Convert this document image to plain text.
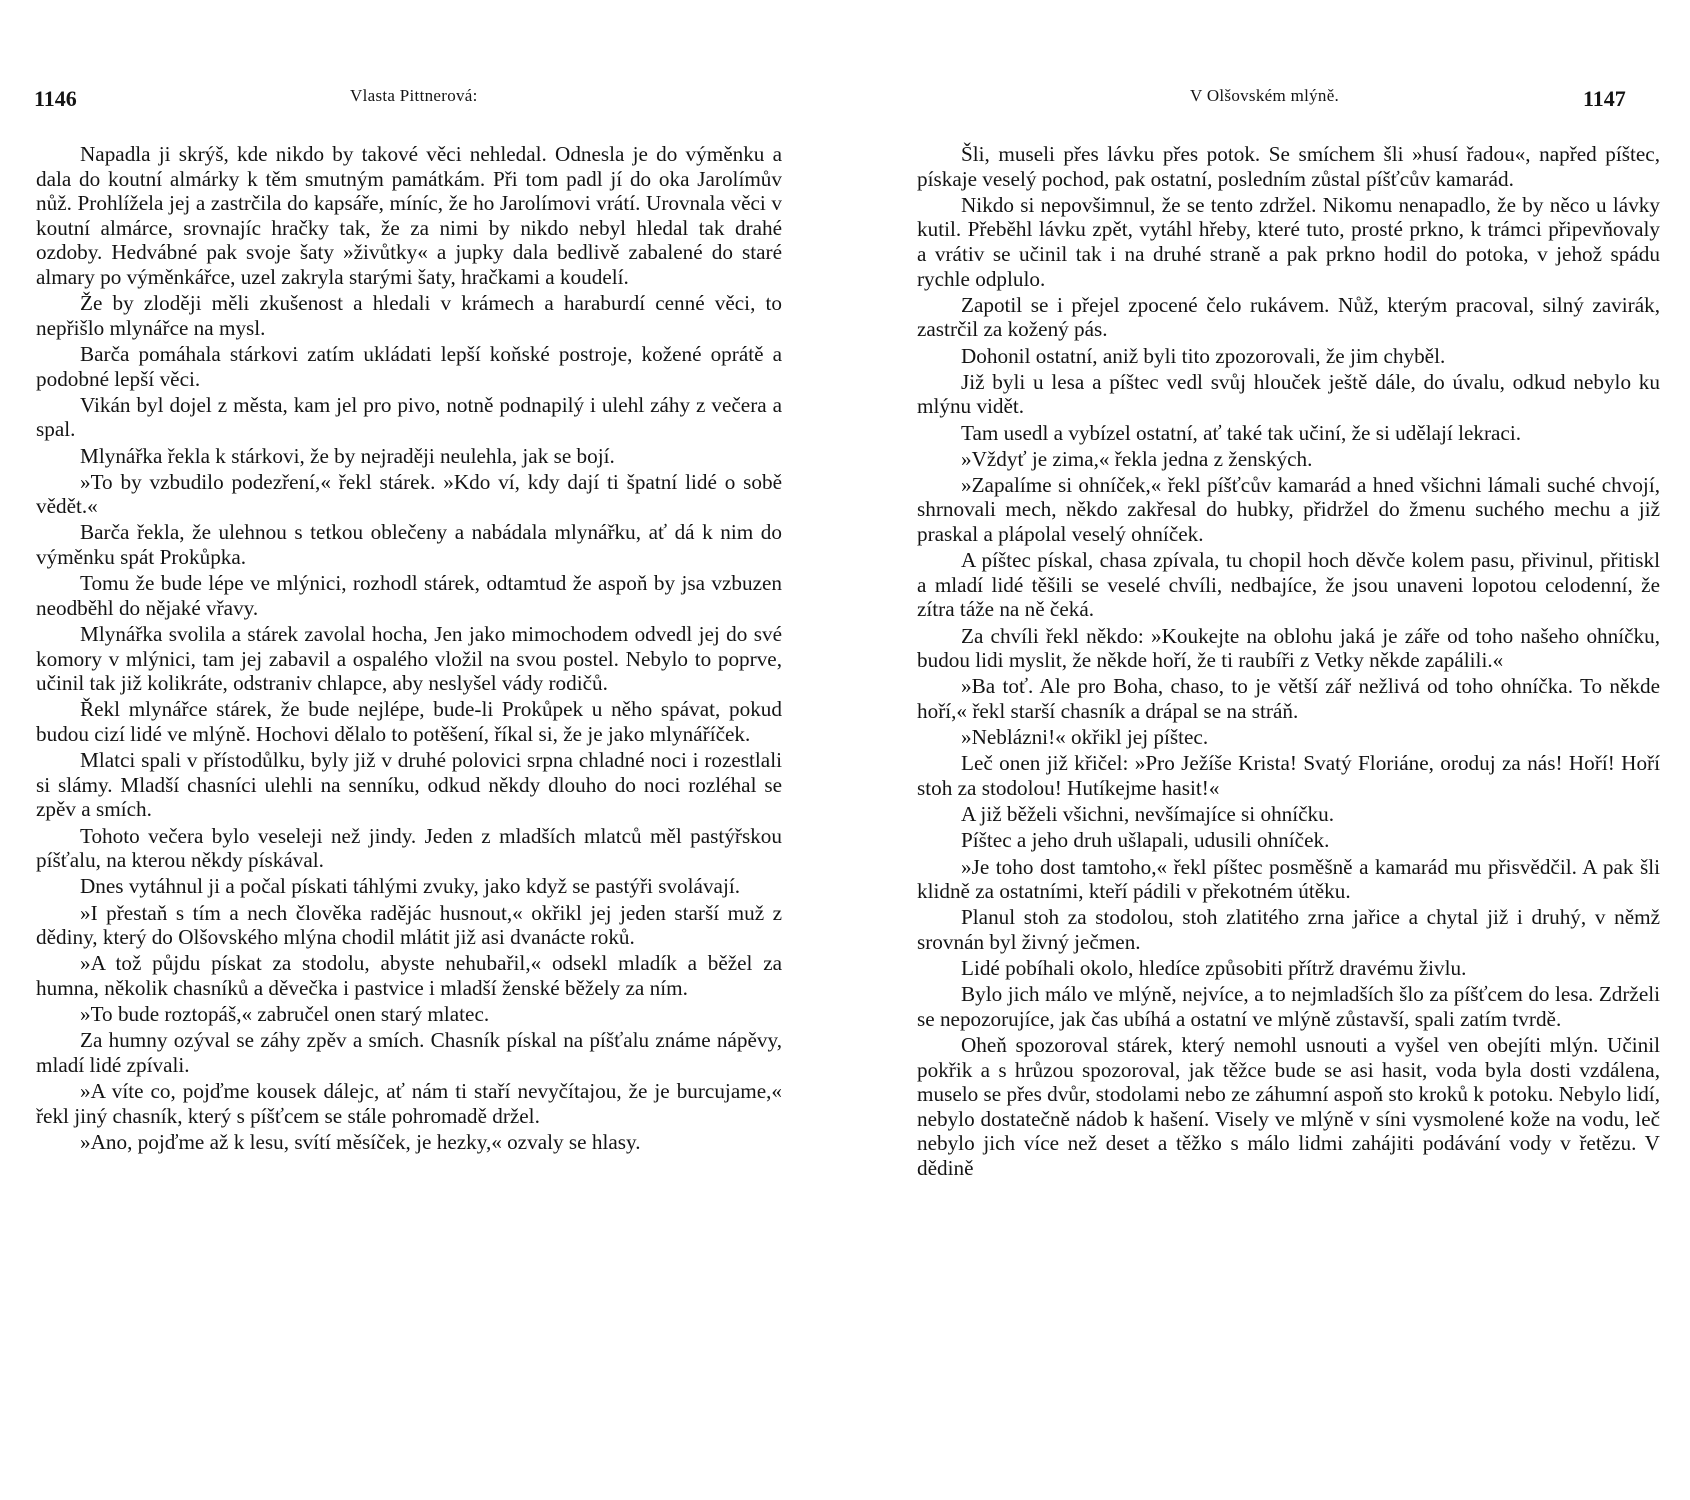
1146	Vlasta Pittnerová:

Napadla ji skrýš, kde nikdo by takové věci nehledal. Odnesla je do výměnku a dala do koutní almárky k těm smutným památkám. Při tom padl jí do oka Jarolímův nůž. Prohlížela jej a zastrčila do kapsáře, míníc, že ho Jarolímovi vrátí. Urovnala věci v koutní almárce, srovnajíc hračky tak, že za nimi by nikdo nebyl hledal tak drahé ozdoby. Hedvábné pak svoje šaty »živůtky« a jupky dala bedlivě zabalené do staré almary po výměnkářce, uzel zakryla starými šaty, hračkami a koudelí.

Že by zloději měli zkušenost a hledali v krámech a haraburdí cenné věci, to nepřišlo mlynářce na mysl.

Barča pomáhala stárkovi zatím ukládati lepší koňské postroje, kožené oprátě a podobné lepší věci.

Vikán byl dojel z města, kam jel pro pivo, notně podnapilý i ulehl záhy z večera a spal.

Mlynářka řekla k stárkovi, že by nejraději neulehla, jak se bojí.

»To by vzbudilo podezření,« řekl stárek. »Kdo ví, kdy dají ti špatní lidé o sobě vědět.«

Barča řekla, že ulehnou s tetkou oblečeny a nabádala mlynářku, ať dá k nim do výměnku spát Prokůpka.

Tomu že bude lépe ve mlýnici, rozhodl stárek, odtamtud že aspoň by jsa vzbuzen neodběhl do nějaké vřavy.

Mlynářka svolila a stárek zavolal hocha, Jen jako mimochodem odvedl jej do své komory v mlýnici, tam jej zabavil a ospalého vložil na svou postel. Nebylo to poprve, učinil tak již kolikráte, odstraniv chlapce, aby neslyšel vády rodičů.

Řekl mlynářce stárek, že bude nejlépe, bude-li Prokůpek u něho spávat, pokud budou cizí lidé ve mlýně. Hochovi dělalo to potěšení, říkal si, že je jako mlynáříček.

Mlatci spali v přístodůlku, byly již v druhé polovici srpna chladné noci i rozestlali si slámy. Mladší chasníci ulehli na senníku, odkud někdy dlouho do noci rozléhal se zpěv a smích.

Tohoto večera bylo veseleji než jindy. Jeden z mladších mlatců měl pastýřskou píšťalu, na kterou někdy pískával.

Dnes vytáhnul ji a počal pískati táhlými zvuky, jako když se pastýři svolávají.

»I přestaň s tím a nech člověka radějác husnout,« okřikl jej jeden starší muž z dědiny, který do Olšovského mlýna chodil mlátit již asi dvanácte roků.

»A tož půjdu pískat za stodolu, abyste nehubařil,« odsekl mladík a běžel za humna, několik chasníků a děvečka i pastvice i mladší ženské běžely za ním.

»To bude roztopáš,« zabručel onen starý mlatec.

Za humny ozýval se záhy zpěv a smích. Chasník pískal na píšťalu známe nápěvy, mladí lidé zpívali.

»A víte co, pojďme kousek dálejc, ať nám ti staří nevyčítajou, že je burcujame,« řekl jiný chasník, který s píšťcem se stále pohromadě držel.

»Ano, pojďme až k lesu, svítí měsíček, je hezky,« ozvaly se hlasy.

V Olšovském mlýně.	1147

Šli, museli přes lávku přes potok. Se smíchem šli »husí řadou«, napřed píštec, pískaje veselý pochod, pak ostatní, posledním zůstal píšťcův kamarád.

Nikdo si nepovšimnul, že se tento zdržel. Nikomu nenapadlo, že by něco u lávky kutil. Přeběhl lávku zpět, vytáhl hřeby, které tuto, prosté prkno, k trámci připevňovaly a vrátiv se učinil tak i na druhé straně a pak prkno hodil do potoka, v jehož spádu rychle odplulo.

Zapotil se i přejel zpocené čelo rukávem. Nůž, kterým pracoval, silný zavirák, zastrčil za kožený pás.

Dohonil ostatní, aniž byli tito zpozorovali, že jim chyběl.

Již byli u lesa a píštec vedl svůj hlouček ještě dále, do úvalu, odkud nebylo ku mlýnu vidět.

Tam usedl a vybízel ostatní, ať také tak učiní, že si udělají lekraci.

»Vždyť je zima,« řekla jedna z ženských.

»Zapalíme si ohníček,« řekl píšťcův kamarád a hned všichni lámali suché chvojí, shrnovali mech, někdo zakřesal do hubky, přidržel do žmenu suchého mechu a již praskal a plápolal veselý ohníček.

A píštec pískal, chasa zpívala, tu chopil hoch děvče kolem pasu, přivinul, přitiskl a mladí lidé těšili se veselé chvíli, nedbajíce, že jsou unaveni lopotou celodenní, že zítra táže na ně čeká.

Za chvíli řekl někdo: »Koukejte na oblohu jaká je záře od toho našeho ohníčku, budou lidi myslit, že někde hoří, že ti raubíři z Vetky někde zapálili.«

»Ba toť. Ale pro Boha, chaso, to je větší zář nežlivá od toho ohníčka. To někde hoří,« řekl starší chasník a drápal se na stráň.

»Neblázni!« okřikl jej píštec.

Leč onen již křičel: »Pro Ježíše Krista! Svatý Floriáne, oroduj za nás! Hoří! Hoří stoh za stodolou! Hutíkejme hasit!«

A již běželi všichni, nevšímajíce si ohníčku.

Píštec a jeho druh ušlapali, udusili ohníček.

»Je toho dost tamtoho,« řekl píštec posměšně a kamarád mu přisvědčil. A pak šli klidně za ostatními, kteří pádili v překotném útěku.

Planul stoh za stodolou, stoh zlatitého zrna jařice a chytal již i druhý, v němž srovnán byl živný ječmen.

Lidé pobíhali okolo, hledíce způsobiti přítrž dravému živlu.

Bylo jich málo ve mlýně, nejvíce, a to nejmladších šlo za píšťcem do lesa. Zdrželi se nepozorujíce, jak čas ubíhá a ostatní ve mlýně zůstavší, spali zatím tvrdě.

Oheň spozoroval stárek, který nemohl usnouti a vyšel ven obejíti mlýn. Učinil pokřik a s hrůzou spozoroval, jak těžce bude se asi hasit, voda byla dosti vzdálena, muselo se přes dvůr, stodolami nebo ze záhumní aspoň sto kroků k potoku. Nebylo lidí, nebylo dostatečně nádob k hašení. Visely ve mlýně v síni vysmolené kože na vodu, leč nebylo jich více než deset a těžko s málo lidmi zahájiti podávání vody v řetězu. V dědině
